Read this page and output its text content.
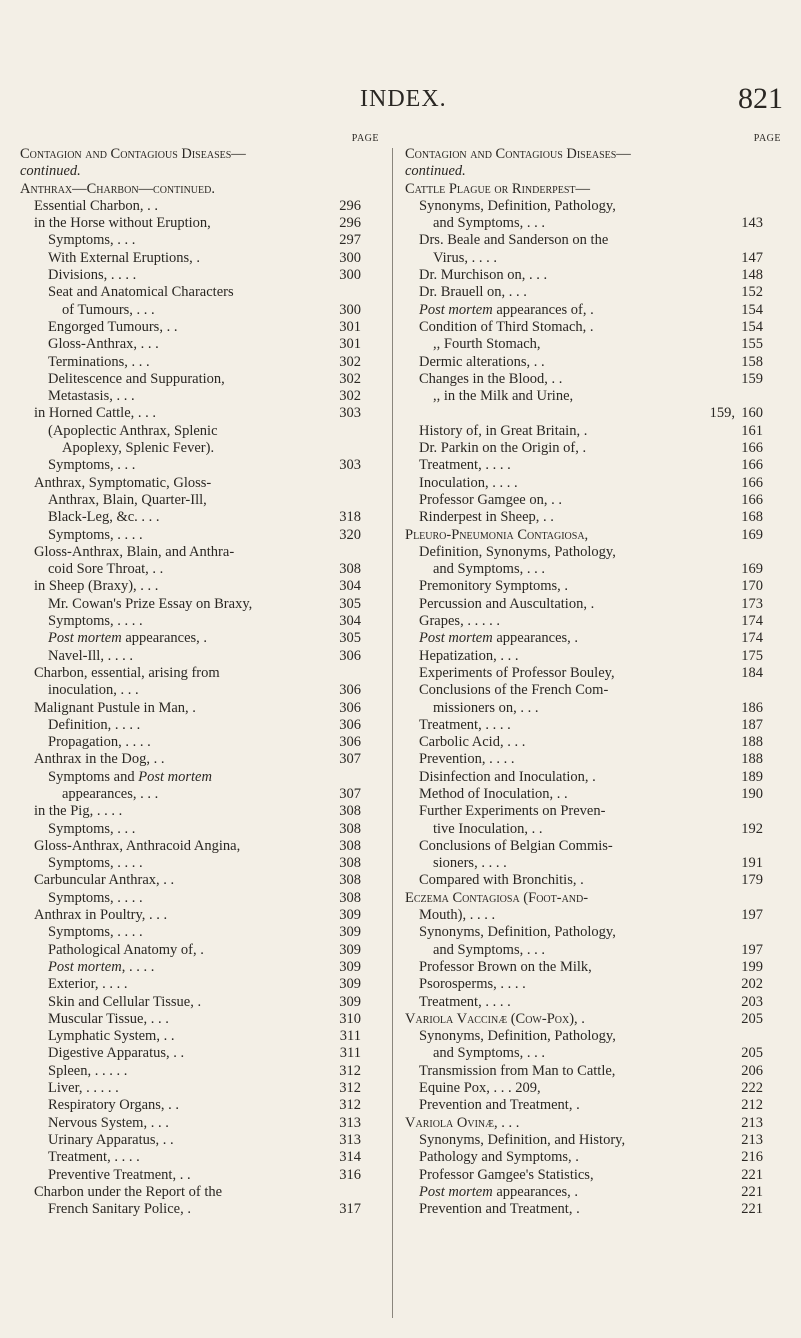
INDEX.	821
PAGE
Contagion and Contagious Diseases—
continued.
Anthrax—Charbon—continued.
Essential Charbon, . .	296
in the Horse without Eruption,	296
Symptoms, . . .	297
With External Eruptions, .	300
Divisions, . . . .	300
Seat and Anatomical Characters
of Tumours, . . .	300
Engorged Tumours, . .	301
Gloss-Anthrax, . . .	301
Terminations, . . .	302
Delitescence and Suppuration,	302
Metastasis, . . .	302
in Horned Cattle, . . .	303
(Apoplectic Anthrax, Splenic
Apoplexy, Splenic Fever).
Symptoms, . . .	303
Anthrax, Symptomatic, Gloss-
Anthrax, Blain, Quarter-Ill,
Black-Leg, &c. . . .	318
Symptoms, . . . .	320
Gloss-Anthrax, Blain, and Anthra-
coid Sore Throat, . .	308
in Sheep (Braxy), . . .	304
Mr. Cowan's Prize Essay on Braxy,	305
Symptoms, . . . .	304
Post mortem appearances, .	305
Navel-Ill, . . . .	306
Charbon, essential, arising from
inoculation, . . .	306
Malignant Pustule in Man, .	306
Definition, . . . .	306
Propagation, . . . .	306
Anthrax in the Dog, . .	307
Symptoms and Post mortem
appearances, . . .	307
in the Pig, . . . .	308
Symptoms, . . .	308
Gloss-Anthrax, Anthracoid Angina,	308
Symptoms, . . . .	308
Carbuncular Anthrax, . .	308
Symptoms, . . . .	308
Anthrax in Poultry, . . .	309
Symptoms, . . . .	309
Pathological Anatomy of, .	309
Post mortem, . . . .	309
Exterior, . . . .	309
Skin and Cellular Tissue, .	309
Muscular Tissue, . . .	310
Lymphatic System, . .	311
Digestive Apparatus, . .	311
Spleen, . . . . .	312
Liver, . . . . .	312
Respiratory Organs, . .	312
Nervous System, . . .	313
Urinary Apparatus, . .	313
Treatment, . . . .	314
Preventive Treatment, . .	316
Charbon under the Report of the
French Sanitary Police, .	317
PAGE
Contagion and Contagious Diseases—
continued.
Cattle Plague or Rinderpest—
Synonyms, Definition, Pathology,
and Symptoms, . . .	143
Drs. Beale and Sanderson on the
Virus, . . . .	147
Dr. Murchison on, . . .	148
Dr. Brauell on, . . .	152
Post mortem appearances of, .	154
Condition of Third Stomach, .	154
,, Fourth Stomach,	155
Dermic alterations, . .	158
Changes in the Blood, . .	159
,, in the Milk and Urine,
159, 160
History of, in Great Britain, .	161
Dr. Parkin on the Origin of, .	166
Treatment, . . . .	166
Inoculation, . . . .	166
Professor Gamgee on, . .	166
Rinderpest in Sheep, . .	168
Pleuro-Pneumonia Contagiosa,	169
Definition, Synonyms, Pathology,
and Symptoms, . . .	169
Premonitory Symptoms, .	170
Percussion and Auscultation, .	173
Grapes, . . . . .	174
Post mortem appearances, .	174
Hepatization, . . .	175
Experiments of Professor Bouley,	184
Conclusions of the French Com-
missioners on, . . .	186
Treatment, . . . .	187
Carbolic Acid, . . .	188
Prevention, . . . .	188
Disinfection and Inoculation, .	189
Method of Inoculation, . .	190
Further Experiments on Preven-
tive Inoculation, . .	192
Conclusions of Belgian Commis-
sioners, . . . .	191
Compared with Bronchitis, .	179
Eczema Contagiosa (Foot-and-
Mouth), . . . .	197
Synonyms, Definition, Pathology,
and Symptoms, . . .	197
Professor Brown on the Milk,	199
Psorosperms, . . . .	202
Treatment, . . . .	203
Variola Vaccinæ (Cow-Pox), .	205
Synonyms, Definition, Pathology,
and Symptoms, . . .	205
Transmission from Man to Cattle,	206
Equine Pox, . . . 209,	222
Prevention and Treatment, .	212
Variola Ovinæ, . . .	213
Synonyms, Definition, and History,	213
Pathology and Symptoms, .	216
Professor Gamgee's Statistics,	221
Post mortem appearances, .	221
Prevention and Treatment, .	221
